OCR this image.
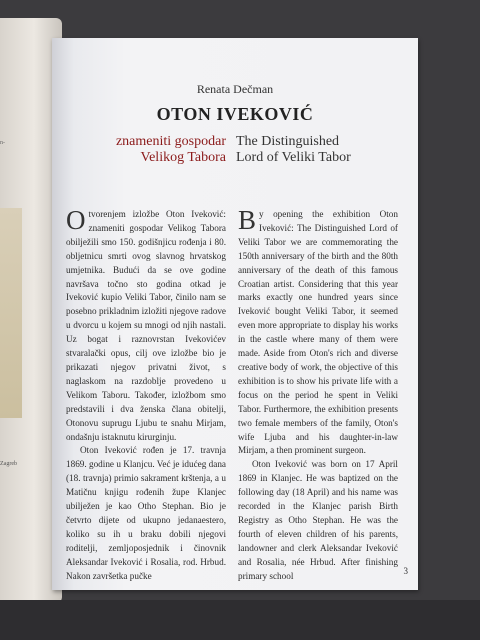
n-
Zagreb
Renata Dečman
OTON IVEKOVIĆ
znameniti gospodar
Velikog Tabora
The Distinguished
Lord of Veliki Tabor

Otvorenjem izložbe Oton Iveković: znameniti gospodar Velikog Tabora obilježili smo 150. godišnjicu rođenja i 80. obljetnicu smrti ovog slavnog hrvatskog umjetnika. Budući da se ove godine navršava točno sto godina otkad je Iveković kupio Veliki Tabor, činilo nam se posebno prikladnim izložiti njegove radove u dvorcu u kojem su mnogi od njih nastali. Uz bogat i raznovrstan Ivekovićev stvaralački opus, cilj ove izložbe bio je prikazati njegov privatni život, s naglaskom na razdoblje provedeno u Velikom Taboru. Također, izložbom smo predstavili i dva ženska člana obitelji, Otonovu suprugu Ljubu te snahu Mirjam, ondašnju istaknutu kirurginju.

Oton Iveković rođen je 17. travnja 1869. godine u Klanjcu. Već je idućeg dana (18. travnja) primio sakrament krštenja, a u Matičnu knjigu rođenih župe Klanjec ubilježen je kao Otho Stephan. Bio je četvrto dijete od ukupno jedanaestero, koliko su ih u braku dobili njegovi roditelji, zemljoposjednik i činovnik Aleksandar Iveković i Rosalia, rod. Hrbud. Nakon završetka pučke

By opening the exhibition Oton Iveković: The Distinguished Lord of Veliki Tabor we are commemorating the 150th anniversary of the birth and the 80th anniversary of the death of this famous Croatian artist. Considering that this year marks exactly one hundred years since Iveković bought Veliki Tabor, it seemed even more appropriate to display his works in the castle where many of them were made. Aside from Oton's rich and diverse creative body of work, the objective of this exhibition is to show his private life with a focus on the period he spent in Veliki Tabor. Furthermore, the exhibition presents two female members of the family, Oton's wife Ljuba and his daughter-in-law Mirjam, a then prominent surgeon.

Oton Iveković was born on 17 April 1869 in Klanjec. He was baptized on the following day (18 April) and his name was recorded in the Klanjec parish Birth Registry as Otho Stephan. He was the fourth of eleven children of his parents, landowner and clerk Aleksandar Iveković and Rosalia, née Hrbud. After finishing primary school	3
